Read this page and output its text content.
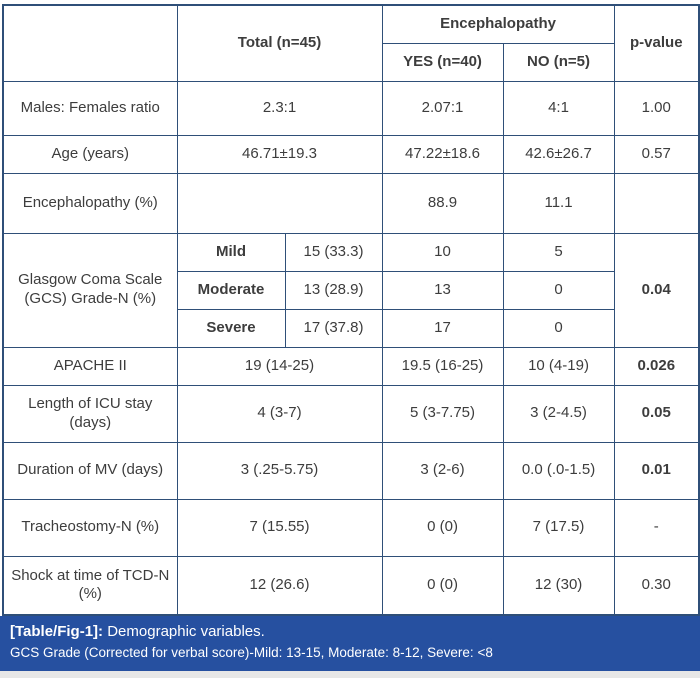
	Total (n=45)		Encephalopathy		p-value
			YES (n=40)	NO (n=5)	
Males: Females ratio	2.3:1		2.07:1	4:1	1.00
Age (years)	46.71±19.3		47.22±18.6	42.6±26.7	0.57
Encephalopathy (%)			88.9	11.1	
Glasgow Coma Scale (GCS) Grade-N (%)	Mild	15 (33.3)	10	5	0.04
	Moderate	13 (28.9)	13	0	
	Severe	17 (37.8)	17	0	
APACHE II	19 (14-25)		19.5 (16-25)	10 (4-19)	0.026
Length of ICU stay (days)	4 (3-7)		5 (3-7.75)	3 (2-4.5)	0.05
Duration of MV (days)	3 (.25-5.75)		3 (2-6)	0.0 (.0-1.5)	0.01
Tracheostomy-N (%)	7 (15.55)		0 (0)	7 (17.5)	-
Shock at time of TCD-N (%)	12 (26.6)		0 (0)	12 (30)	0.30
[Table/Fig-1]: Demographic variables.
GCS Grade (Corrected for verbal score)-Mild: 13-15, Moderate: 8-12, Severe: <8
